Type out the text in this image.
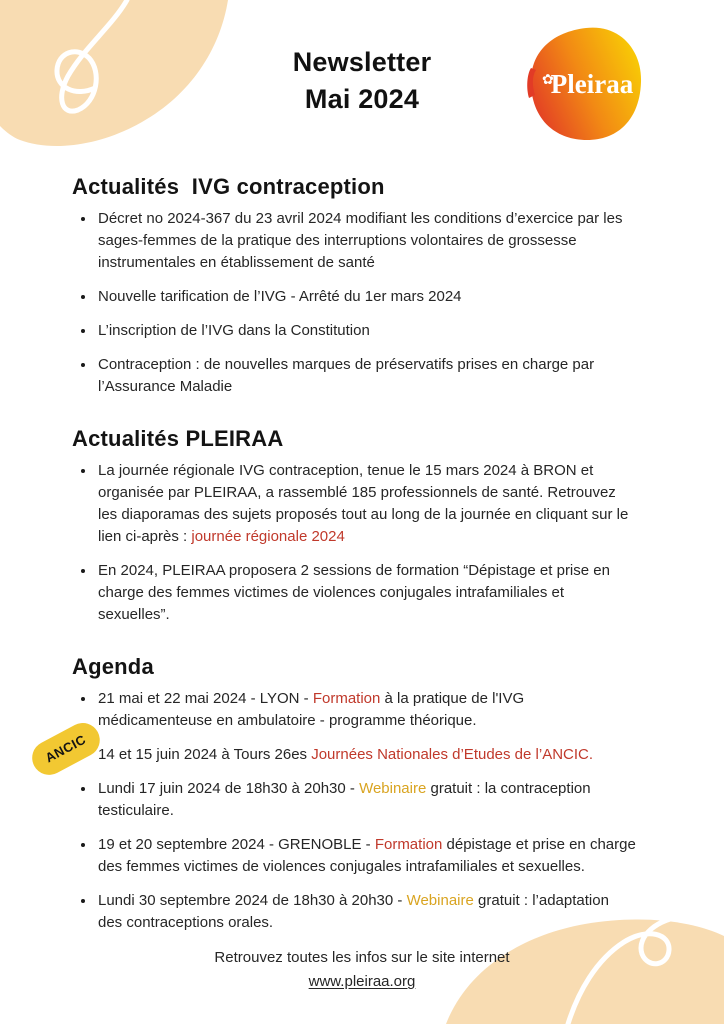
Newsletter
Mai 2024
✿
Pleiraa
Actualités  IVG contraception
• Décret no 2024-367 du 23 avril 2024 modifiant les conditions d’exercice par les sages-femmes de la pratique des interruptions volontaires de grossesse instrumentales en établissement de santé
• Nouvelle tarification de l’IVG - Arrêté du 1er mars 2024
• L’inscription de l’IVG dans la Constitution
• Contraception : de nouvelles marques de préservatifs prises en charge par l’Assurance Maladie
Actualités PLEIRAA
• La journée régionale IVG contraception, tenue le 15 mars 2024 à BRON et organisée par PLEIRAA, a rassemblé 185 professionnels de santé. Retrouvez les diaporamas des sujets proposés tout au long de la journée en cliquant sur le lien ci-après : journée régionale 2024
• En 2024, PLEIRAA proposera 2 sessions de formation “Dépistage et prise en charge des femmes victimes de violences conjugales intrafamiliales et sexuelles”.
Agenda
• 21 mai et 22 mai 2024 - LYON - Formation à la pratique de l'IVG médicamenteuse en ambulatoire - programme théorique.
• ANCIC 14 et 15 juin 2024 à Tours 26es Journées Nationales d’Etudes de l’ANCIC.
• Lundi 17 juin 2024 de 18h30 à 20h30 - Webinaire gratuit : la contraception testiculaire.
• 19 et 20 septembre 2024 - GRENOBLE - Formation dépistage et prise en charge des femmes victimes de violences conjugales intrafamiliales et sexuelles.
• Lundi 30 septembre 2024 de 18h30 à 20h30 - Webinaire gratuit : l’adaptation des contraceptions orales.
Retrouvez toutes les infos sur le site internet
www.pleiraa.org
